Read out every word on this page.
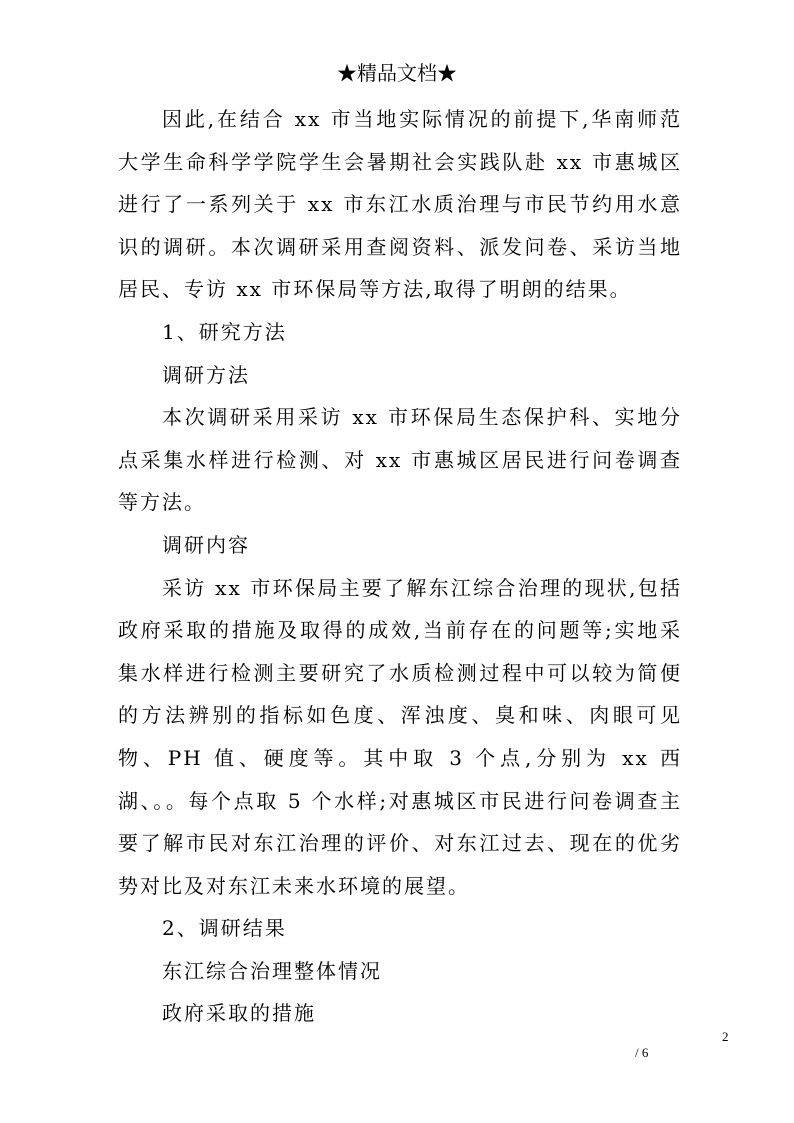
★精品文档★

因此,在结合 xx 市当地实际情况的前提下,华南师范大学生命科学学院学生会暑期社会实践队赴 xx 市惠城区进行了一系列关于 xx 市东江水质治理与市民节约用水意识的调研。本次调研采用查阅资料、派发问卷、采访当地居民、专访 xx 市环保局等方法,取得了明朗的结果。

1、研究方法

调研方法

本次调研采用采访 xx 市环保局生态保护科、实地分点采集水样进行检测、对 xx 市惠城区居民进行问卷调查等方法。

调研内容

采访 xx 市环保局主要了解东江综合治理的现状,包括政府采取的措施及取得的成效,当前存在的问题等;实地采集水样进行检测主要研究了水质检测过程中可以较为简便的方法辨别的指标如色度、浑浊度、臭和味、肉眼可见物、PH 值、硬度等。其中取 3 个点,分别为 xx 西湖、。。每个点取 5 个水样;对惠城区市民进行问卷调查主要了解市民对东江治理的评价、对东江过去、现在的优劣势对比及对东江未来水环境的展望。

2、调研结果

东江综合治理整体情况

政府采取的措施

2
/ 6
